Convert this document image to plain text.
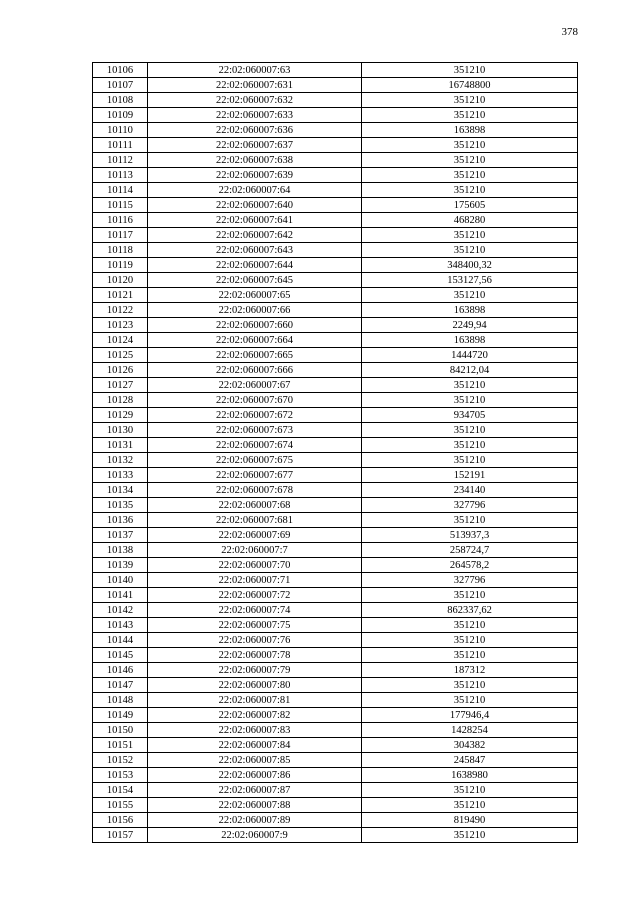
378
10106	22:02:060007:63	351210
10107	22:02:060007:631	16748800
10108	22:02:060007:632	351210
10109	22:02:060007:633	351210
10110	22:02:060007:636	163898
10111	22:02:060007:637	351210
10112	22:02:060007:638	351210
10113	22:02:060007:639	351210
10114	22:02:060007:64	351210
10115	22:02:060007:640	175605
10116	22:02:060007:641	468280
10117	22:02:060007:642	351210
10118	22:02:060007:643	351210
10119	22:02:060007:644	348400,32
10120	22:02:060007:645	153127,56
10121	22:02:060007:65	351210
10122	22:02:060007:66	163898
10123	22:02:060007:660	2249,94
10124	22:02:060007:664	163898
10125	22:02:060007:665	1444720
10126	22:02:060007:666	84212,04
10127	22:02:060007:67	351210
10128	22:02:060007:670	351210
10129	22:02:060007:672	934705
10130	22:02:060007:673	351210
10131	22:02:060007:674	351210
10132	22:02:060007:675	351210
10133	22:02:060007:677	152191
10134	22:02:060007:678	234140
10135	22:02:060007:68	327796
10136	22:02:060007:681	351210
10137	22:02:060007:69	513937,3
10138	22:02:060007:7	258724,7
10139	22:02:060007:70	264578,2
10140	22:02:060007:71	327796
10141	22:02:060007:72	351210
10142	22:02:060007:74	862337,62
10143	22:02:060007:75	351210
10144	22:02:060007:76	351210
10145	22:02:060007:78	351210
10146	22:02:060007:79	187312
10147	22:02:060007:80	351210
10148	22:02:060007:81	351210
10149	22:02:060007:82	177946,4
10150	22:02:060007:83	1428254
10151	22:02:060007:84	304382
10152	22:02:060007:85	245847
10153	22:02:060007:86	1638980
10154	22:02:060007:87	351210
10155	22:02:060007:88	351210
10156	22:02:060007:89	819490
10157	22:02:060007:9	351210
